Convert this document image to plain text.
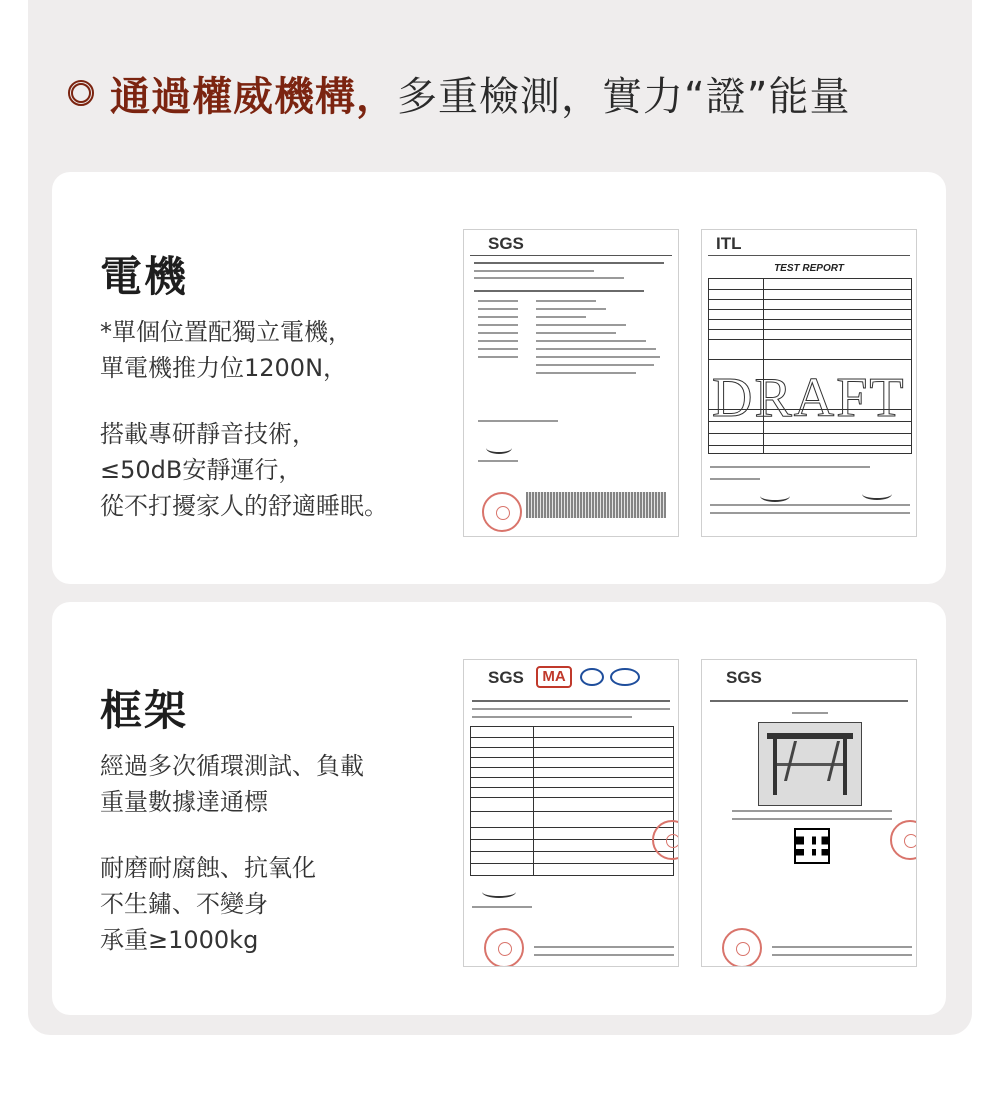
通過權威機構， 多重檢測，實力“證”能量
電機
*單個位置配獨立電機，
單電機推力位1200N，
搭載專研靜音技術，
≤50dB安靜運行，
從不打擾家人的舒適睡眠。
SGS	ITL
TEST REPORT
DRAFT
框架
經過多次循環測試、負載
重量數據達通標
耐磨耐腐蝕、抗氧化
不生鏽、不變身
承重≥1000kg
SGS	MA	SGS
